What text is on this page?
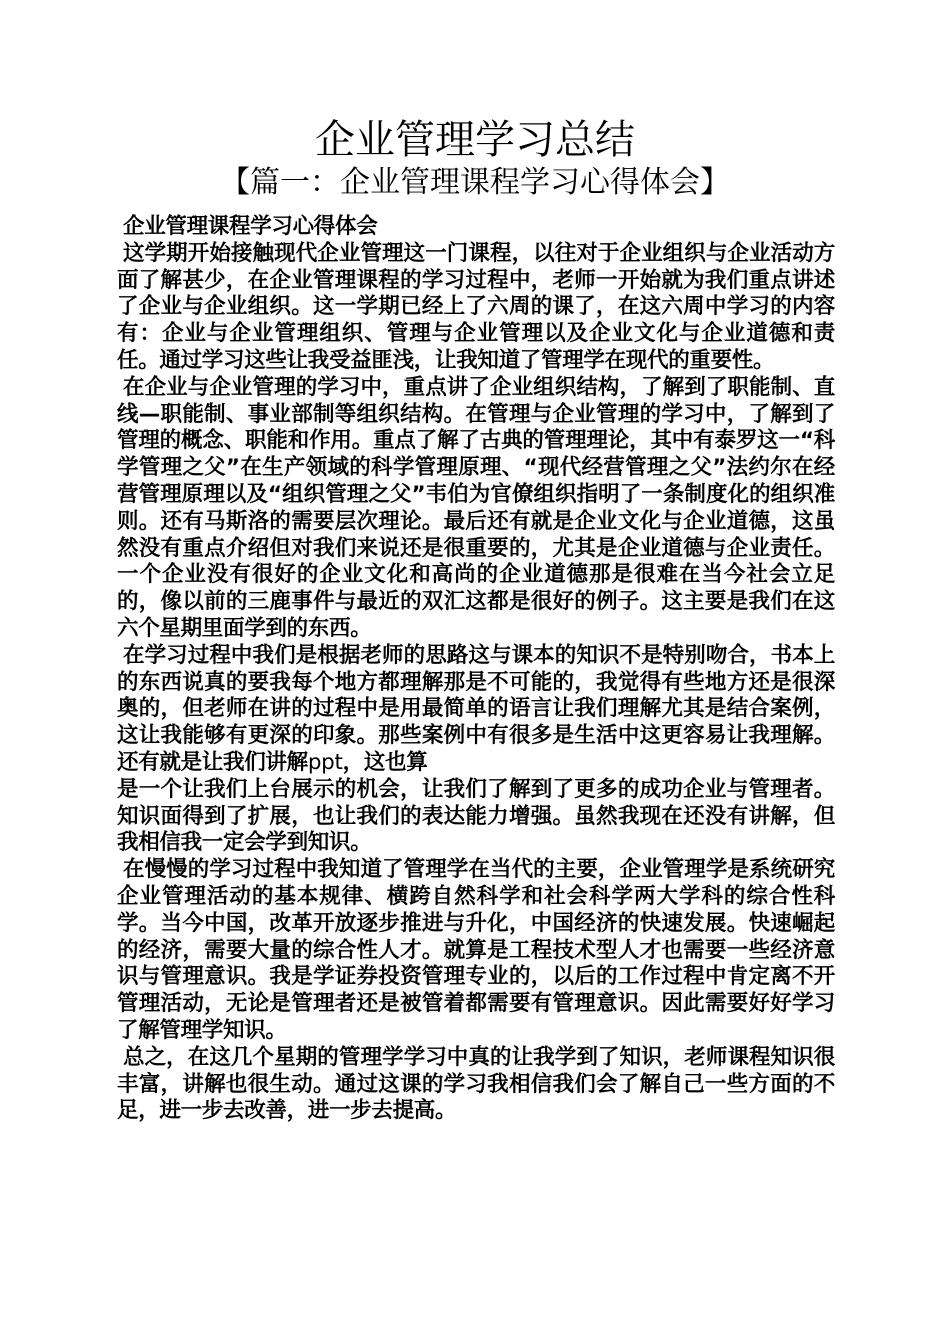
企业管理学习总结
【篇一：企业管理课程学习心得体会】
企业管理课程学习心得体会

这学期开始接触现代企业管理这一门课程，以往对于企业组织与企业活动方面了解甚少，在企业管理课程的学习过程中，老师一开始就为我们重点讲述了企业与企业组织。这一学期已经上了六周的课了，在这六周中学习的内容有：企业与企业管理组织、管理与企业管理以及企业文化与企业道德和责任。通过学习这些让我受益匪浅，让我知道了管理学在现代的重要性。

在企业与企业管理的学习中，重点讲了企业组织结构，了解到了职能制、直线—职能制、事业部制等组织结构。在管理与企业管理的学习中，了解到了管理的概念、职能和作用。重点了解了古典的管理理论，其中有泰罗这一“科学管理之父”在生产领域的科学管理原理、“现代经营管理之父”法约尔在经营管理原理以及“组织管理之父”韦伯为官僚组织指明了一条制度化的组织准则。还有马斯洛的需要层次理论。最后还有就是企业文化与企业道德，这虽然没有重点介绍但对我们来说还是很重要的，尤其是企业道德与企业责任。一个企业没有很好的企业文化和高尚的企业道德那是很难在当今社会立足的，像以前的三鹿事件与最近的双汇这都是很好的例子。这主要是我们在这六个星期里面学到的东西。

在学习过程中我们是根据老师的思路这与课本的知识不是特别吻合，书本上的东西说真的要我每个地方都理解那是不可能的，我觉得有些地方还是很深奥的，但老师在讲的过程中是用最简单的语言让我们理解尤其是结合案例，这让我能够有更深的印象。那些案例中有很多是生活中这更容易让我理解。还有就是让我们讲解ppt，这也算
是一个让我们上台展示的机会，让我们了解到了更多的成功企业与管理者。知识面得到了扩展，也让我们的表达能力增强。虽然我现在还没有讲解，但我相信我一定会学到知识。

在慢慢的学习过程中我知道了管理学在当代的主要，企业管理学是系统研究企业管理活动的基本规律、横跨自然科学和社会科学两大学科的综合性科学。当今中国，改革开放逐步推进与升化，中国经济的快速发展。快速崛起的经济，需要大量的综合性人才。就算是工程技术型人才也需要一些经济意识与管理意识。我是学证券投资管理专业的，以后的工作过程中肯定离不开管理活动，无论是管理者还是被管着都需要有管理意识。因此需要好好学习了解管理学知识。

总之，在这几个星期的管理学学习中真的让我学到了知识，老师课程知识很丰富，讲解也很生动。通过这课的学习我相信我们会了解自己一些方面的不足，进一步去改善，进一步去提高。
